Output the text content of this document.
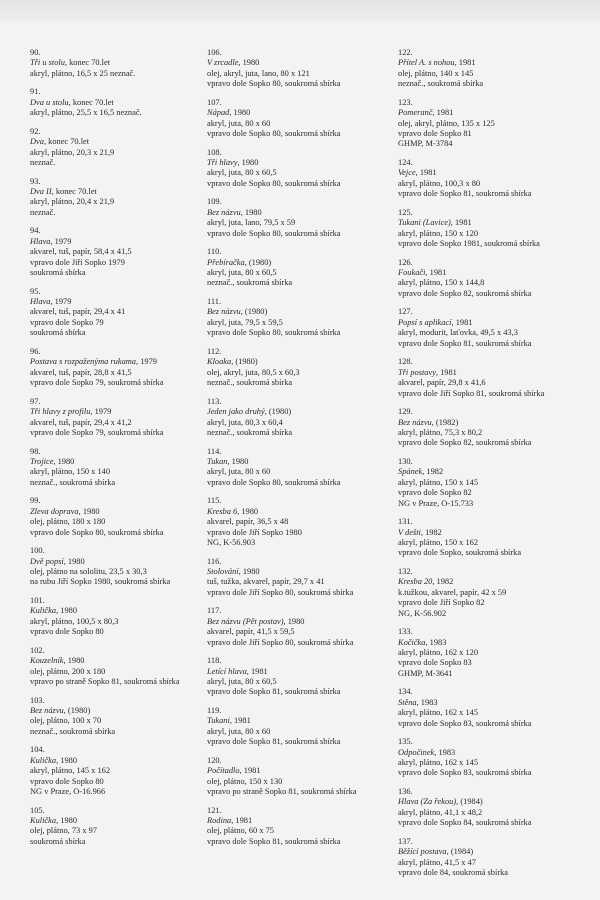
90.
Tři u stolu, konec 70.let
akryl, plátno, 16,5 x 25 neznač.
91.
Dva u stolu, konec 70.let
akryl, plátno, 25,5 x 16,5 neznač.
92.
Dva, konec 70.let
akryl, plátno, 20,3 x 21,9
neznač.
93.
Dva II, konec 70.let
akryl, plátno, 20,4 x 21,9
neznač.
94.
Hlava, 1979
akvarel, tuš, papír, 58,4 x 41,5
vpravo dole Jiří Sopko 1979
soukromá sbírka
95.
Hlava, 1979
akvarel, tuš, papír, 29,4 x 41
vpravo dole Sopko 79
soukromá sbírka
96.
Postava s rozpaženýma rukama, 1979
akvarel, tuš, papír, 28,8 x 41,5
vpravo dole Sopko 79, soukromá sbírka
97.
Tři hlavy z profilu, 1979
akvarel, tuš, papír, 29,4 x 41,2
vpravo dole Sopko 79, soukromá sbírka
98.
Trojice, 1980
akryl, plátno, 150 x 140
neznač., soukromá sbírka
99.
Zleva doprava, 1980
olej, plátno, 180 x 180
vpravo dole Sopko 80, soukromá sbírka
100.
Dvě popsí, 1980
olej, plátno na sololitu, 23,5 x 30,3
na rubu Jiří Sopko 1980, soukromá sbírka
101.
Kulička, 1980
akryl, plátno, 100,5 x 80,3
vpravo dole Sopko 80
102.
Kouzelník, 1980
olej, plátno, 200 x 180
vpravo po straně Sopko 81, soukromá sbírka
103.
Bez názvu, (1980)
olej, plátno, 100 x 70
neznač., soukromá sbírka
104.
Kulička, 1980
akryl, plátno, 145 x 162
vpravo dole Sopko 80
NG v Praze, O-16.966
105.
Kulička, 1980
olej, plátno, 73 x 97
soukromá sbírka
106.
V zrcadle, 1980
olej, akryl, juta, lano, 80 x 121
vpravo dole Sopko 80, soukromá sbírka
107.
Nápad, 1980
akryl, juta, 80 x 60
vpravo dole Sopko 80, soukromá sbírka
108.
Tři hlavy, 1980
akryl, juta, 80 x 60,5
vpravo dole Sopko 80, soukromá sbírka
109.
Bez názvu, 1980
akryl, juta, lano, 79,5 x 59
vpravo dole Sopko 80, soukromá sbírka
110.
Přebíračka, (1980)
akryl, juta, 80 x 60,5
neznač., soukromá sbírka
111.
Bez názvu, (1980)
akryl, juta, 79,5 x 59,5
vpravo dole Sopko 80, soukromá sbírka
112.
Kloaka, (1980)
olej, akryl, juta, 80,5 x 60,3
neznač., soukromá sbírka
113.
Jeden jako druhý, (1980)
akryl, juta, 80,3 x 60,4
neznač., soukromá sbírka
114.
Tukan, 1980
akryl, juta, 80 x 60
vpravo dole Sopko 80, soukromá sbírka
115.
Kresba 6, 1980
akvarel, papír, 36,5 x 48
vpravo dole Jiří Sopko 1980
NG, K-56.903
116.
Stolování, 1980
tuš, tužka, akvarel, papír, 29,7 x 41
vpravo dole Jiří Sopko 80, soukromá sbírka
117.
Bez názvu (Pět postav), 1980
akvarel, papír, 41,5 x 59,5
vpravo dole Jiří Sopko 80, soukromá sbírka
118.
Letící hlava, 1981
akryl, juta, 80 x 60,5
vpravo dole Sopko 81, soukromá sbírka
119.
Tukani, 1981
akryl, juta, 80 x 60
vpravo dole Sopko 81, soukromá sbírka
120.
Počítadlo, 1981
olej, plátno, 150 x 130
vpravo po straně Sopko 81, soukromá sbírka
121.
Rodina, 1981
olej, plátno, 60 x 75
vpravo dole Sopko 81, soukromá sbírka
122.
Přítel A. s nohou, 1981
olej, plátno, 140 x 145
neznač., soukromá sbírka
123.
Pomeranč, 1981
olej, akryl, plátno, 135 x 125
vpravo dole Sopko 81
GHMP, M-3784
124.
Vejce, 1981
akryl, plátno, 100,3 x 80
vpravo dole Sopko 81, soukromá sbírka
125.
Tukani (Lavice), 1981
akryl, plátno, 150 x 120
vpravo dole Sopko 1981, soukromá sbírka
126.
Foukači, 1981
akryl, plátno, 150 x 144,8
vpravo dole Sopko 82, soukromá sbírka
127.
Popsí s aplikací, 1981
akryl, modurit, laťovka, 49,5 x 43,3
vpravo dole Sopko 81, soukromá sbírka
128.
Tři postavy, 1981
akvarel, papír, 29,8 x 41,6
vpravo dole Jiří Sopko 81, soukromá sbírka
129.
Bez názvu, (1982)
akryl, plátno, 75,3 x 80,2
vpravo dole Sopko 82, soukromá sbírka
130.
Spánek, 1982
akryl, plátno, 150 x 145
vpravo dole Sopko 82
NG v Praze, O-15.733
131.
V dešti, 1982
akryl, plátno, 150 x 162
vpravo dole Sopko, soukromá sbírka
132.
Kresba 20, 1982
k.tužkou, akvarel, papír, 42 x 59
vpravo dole Jiří Sopko 82
NG, K-56.902
133.
Kočička, 1983
akryl, plátno, 162 x 120
vpravo dole Sopko 83
GHMP, M-3641
134.
Stěna, 1983
akryl, plátno, 162 x 145
vpravo dole Sopko 83, soukromá sbírka
135.
Odpočinek, 1983
akryl, plátno, 162 x 145
vpravo dole Sopko 83, soukromá sbírka
136.
Hlava (Za řekou), (1984)
akryl, plátno, 41,1 x 48,2
vpravo dole Sopko 84, soukromá sbírka
137.
Běžící postava, (1984)
akryl, plátno, 41,5 x 47
vpravo dole 84, soukromá sbírka
